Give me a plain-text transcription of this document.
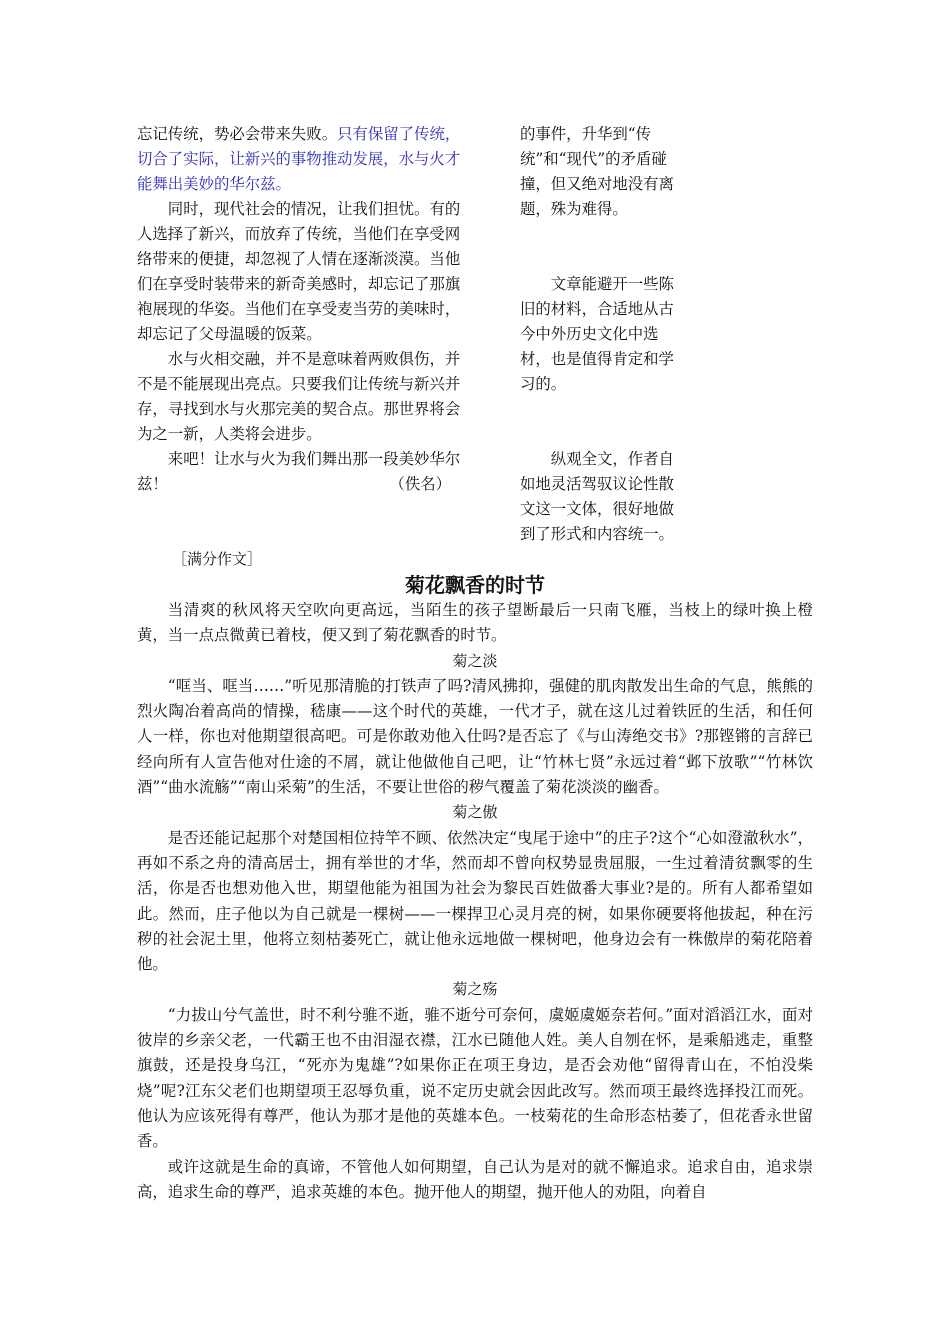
忘记传统，势必会带来失败。只有保留了传统，切合了实际，让新兴的事物推动发展，水与火才能舞出美妙的华尔兹。

同时，现代社会的情况，让我们担忧。有的人选择了新兴，而放弃了传统，当他们在享受网络带来的便捷，却忽视了人情在逐渐淡漠。当他们在享受时装带来的新奇美感时，却忘记了那旗袍展现的华姿。当他们在享受麦当劳的美味时，却忘记了父母温暖的饭菜。

水与火相交融，并不是意味着两败俱伤，并不是不能展现出亮点。只要我们让传统与新兴并存，寻找到水与火那完美的契合点。那世界将会为之一新，人类将会进步。

来吧！让水与火为我们舞出那一段美妙华尔兹！	（佚名）

的事件，升华到“传统”和“现代”的矛盾碰撞，但又绝对地没有离题，殊为难得。

文章能避开一些陈旧的材料，合适地从古今中外历史文化中选材，也是值得肯定和学习的。

纵观全文，作者自如地灵活驾驭议论性散文这一文体，很好地做到了形式和内容统一。

［满分作文］
菊花飘香的时节

当清爽的秋风将天空吹向更高远，当陌生的孩子望断最后一只南飞雁，当枝上的绿叶换上橙黄，当一点点微黄已着枝，便又到了菊花飘香的时节。

菊之淡

“哐当、哐当……”听见那清脆的打铁声了吗?清风拂抑，强健的肌肉散发出生命的气息，熊熊的烈火陶冶着高尚的情操，嵇康——这个时代的英雄，一代才子，就在这儿过着铁匠的生活，和任何人一样，你也对他期望很高吧。可是你敢劝他入仕吗?是否忘了《与山涛绝交书》?那铿锵的言辞已经向所有人宣告他对仕途的不屑，就让他做他自己吧，让“竹林七贤”永远过着“邺下放歌”“竹林饮酒”“曲水流觞”“南山采菊”的生活，不要让世俗的秽气覆盖了菊花淡淡的幽香。

菊之傲

是否还能记起那个对楚国相位持竿不顾、依然决定“曳尾于途中”的庄子?这个“心如澄澈秋水”，再如不系之舟的清高居士，拥有举世的才华，然而却不曾向权势显贵屈服，一生过着清贫飘零的生活，你是否也想劝他入世，期望他能为祖国为社会为黎民百姓做番大事业?是的。所有人都希望如此。然而，庄子他以为自己就是一棵树——一棵捍卫心灵月亮的树，如果你硬要将他拔起，种在污秽的社会泥土里，他将立刻枯萎死亡，就让他永远地做一棵树吧，他身边会有一株傲岸的菊花陪着他。

菊之殇

“力拔山兮气盖世，时不利兮骓不逝，骓不逝兮可奈何，虞姬虞姬奈若何。”面对滔滔江水，面对彼岸的乡亲父老，一代霸王也不由泪湿衣襟，江水已随他人姓。美人自刎在怀，是乘船逃走，重整旗鼓，还是投身乌江，“死亦为鬼雄”?如果你正在项王身边，是否会劝他“留得青山在，不怕没柴烧”呢?江东父老们也期望项王忍辱负重，说不定历史就会因此改写。然而项王最终选择投江而死。他认为应该死得有尊严，他认为那才是他的英雄本色。一枝菊花的生命形态枯萎了，但花香永世留香。

或许这就是生命的真谛，不管他人如何期望，自己认为是对的就不懈追求。追求自由，追求崇高，追求生命的尊严，追求英雄的本色。抛开他人的期望，抛开他人的劝阻，向着自
